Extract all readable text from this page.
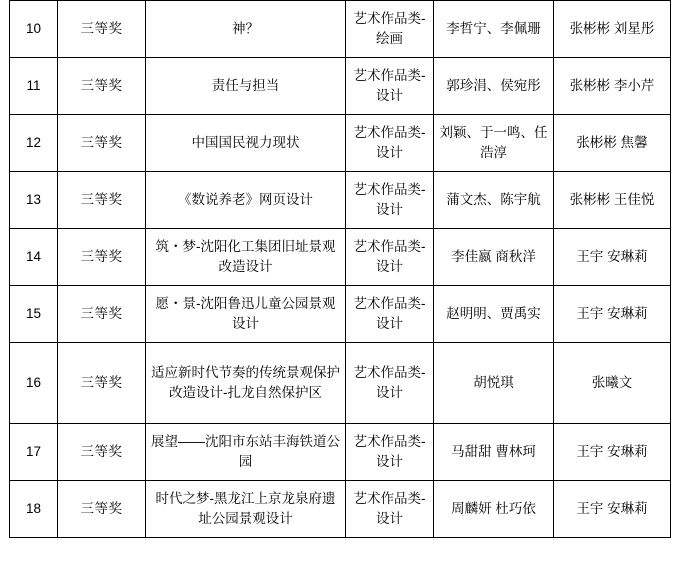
10	三等奖	神？	艺术作品类-绘画	李哲宁、李佩珊	张彬彬 刘星彤
11	三等奖	责任与担当	艺术作品类-设计	郭珍涓、侯宛彤	张彬彬 李小芹
12	三等奖	中国国民视力现状	艺术作品类-设计	刘颖、于一鸣、任浩淳	张彬彬 焦馨
13	三等奖	《数说养老》网页设计	艺术作品类-设计	蒲文杰、陈宇航	张彬彬 王佳悦
14	三等奖	筑・梦-沈阳化工集团旧址景观改造设计	艺术作品类-设计	李佳嬴 商秋洋	王宇 安琳莉
15	三等奖	愿・景-沈阳鲁迅儿童公园景观设计	艺术作品类-设计	赵明明、贾禹实	王宇 安琳莉
16	三等奖	适应新时代节奏的传统景观保护改造设计-扎龙自然保护区	艺术作品类-设计	胡悦琪	张曦文
17	三等奖	展望――沈阳市东站丰海铁道公园	艺术作品类-设计	马甜甜 曹林珂	王宇 安琳莉
18	三等奖	时代之梦-黑龙江上京龙泉府遗址公园景观设计	艺术作品类-设计	周麟妍 杜巧依	王宇 安琳莉
